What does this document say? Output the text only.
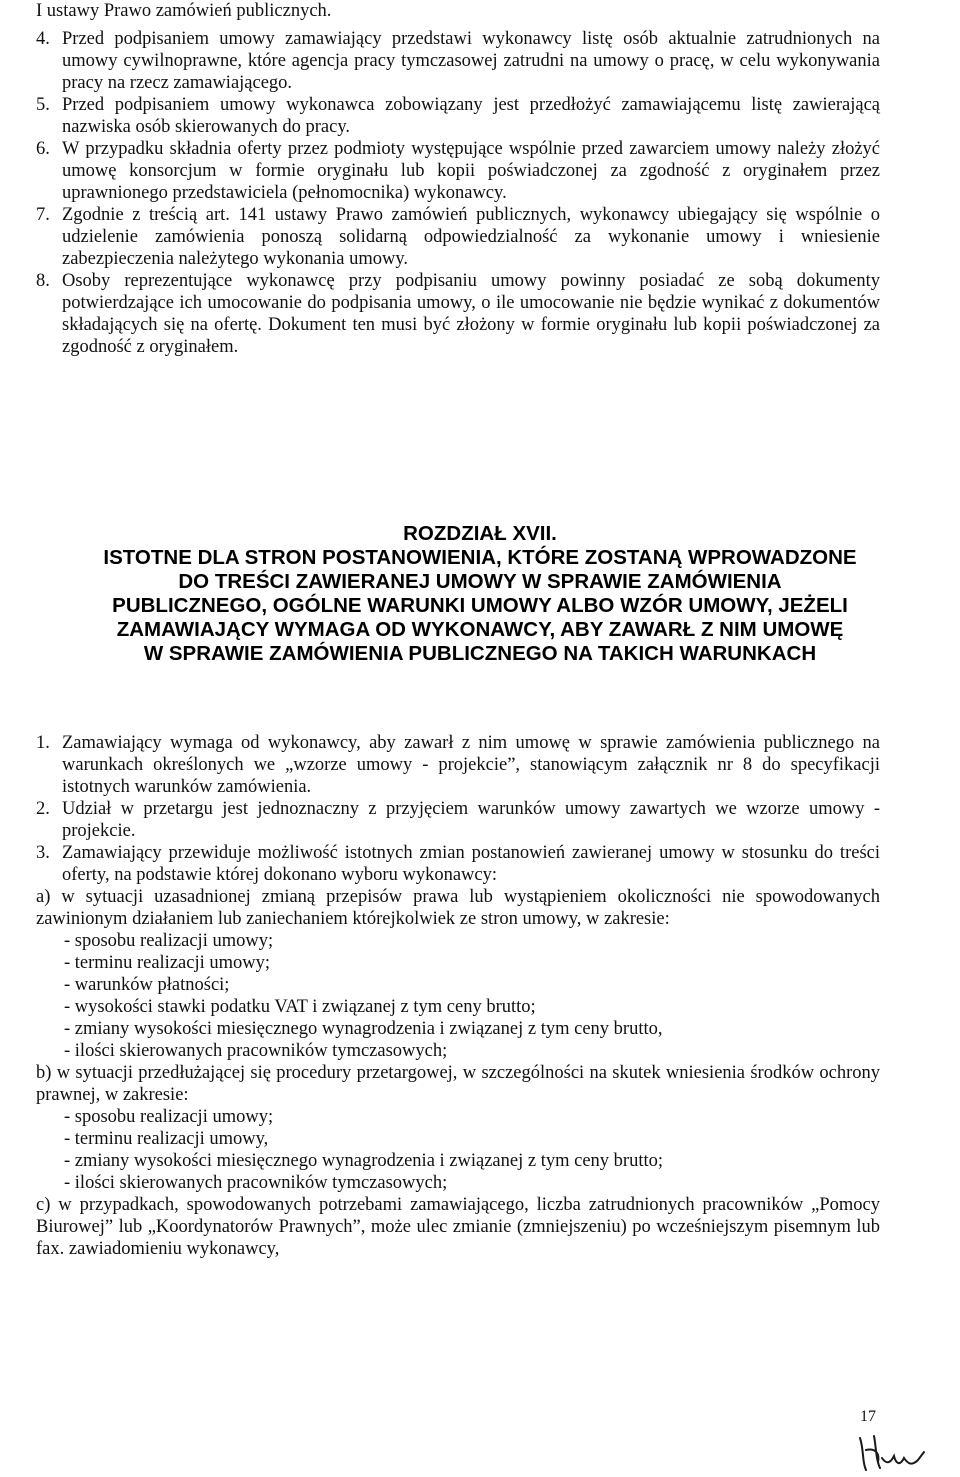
I ustawy Prawo zamówień publicznych.
4. Przed podpisaniem umowy zamawiający przedstawi wykonawcy listę osób aktualnie zatrudnionych na umowy cywilnoprawne, które agencja pracy tymczasowej zatrudni na umowy o pracę, w celu wykonywania pracy na rzecz zamawiającego.
5. Przed podpisaniem umowy wykonawca zobowiązany jest przedłożyć zamawiającemu listę zawierającą nazwiska osób skierowanych do pracy.
6. W przypadku składnia oferty przez podmioty występujące wspólnie przed zawarciem umowy należy złożyć umowę konsorcjum w formie oryginału lub kopii poświadczonej za zgodność z oryginałem przez uprawnionego przedstawiciela (pełnomocnika) wykonawcy.
7. Zgodnie z treścią art. 141 ustawy Prawo zamówień publicznych, wykonawcy ubiegający się wspólnie o udzielenie zamówienia ponoszą solidarną odpowiedzialność za wykonanie umowy i wniesienie zabezpieczenia należytego wykonania umowy.
8. Osoby reprezentujące wykonawcę przy podpisaniu umowy powinny posiadać ze sobą dokumenty potwierdzające ich umocowanie do podpisania umowy, o ile umocowanie nie będzie wynikać z dokumentów składających się na ofertę. Dokument ten musi być złożony w formie oryginału lub kopii poświadczonej za zgodność z oryginałem.
ROZDZIAŁ XVII.
ISTOTNE DLA STRON POSTANOWIENIA, KTÓRE ZOSTANĄ WPROWADZONE
DO TREŚCI ZAWIERANEJ UMOWY W SPRAWIE ZAMÓWIENIA
PUBLICZNEGO, OGÓLNE WARUNKI UMOWY ALBO WZÓR UMOWY, JEŻELI
ZAMAWIAJĄCY WYMAGA OD WYKONAWCY, ABY ZAWARŁ Z NIM UMOWĘ
W SPRAWIE ZAMÓWIENIA PUBLICZNEGO NA TAKICH WARUNKACH
1. Zamawiający wymaga od wykonawcy, aby zawarł z nim umowę w sprawie zamówienia publicznego na warunkach określonych we „wzorze umowy - projekcie”, stanowiącym załącznik nr 8 do specyfikacji istotnych warunków zamówienia.
2. Udział w przetargu jest jednoznaczny z przyjęciem warunków umowy zawartych we wzorze umowy - projekcie.
3. Zamawiający przewiduje możliwość istotnych zmian postanowień zawieranej umowy w stosunku do treści oferty, na podstawie której dokonano wyboru wykonawcy:
a) w sytuacji uzasadnionej zmianą przepisów prawa lub wystąpieniem okoliczności nie spowodowanych zawinionym działaniem lub zaniechaniem którejkolwiek ze stron umowy, w zakresie:
- sposobu realizacji umowy;
- terminu realizacji umowy;
- warunków płatności;
- wysokości stawki podatku VAT i związanej z tym ceny brutto;
- zmiany wysokości miesięcznego wynagrodzenia i związanej z tym ceny brutto,
- ilości skierowanych pracowników tymczasowych;
b) w sytuacji przedłużającej się procedury przetargowej, w szczególności na skutek wniesienia środków ochrony prawnej, w zakresie:
- sposobu realizacji umowy;
- terminu realizacji umowy,
- zmiany wysokości miesięcznego wynagrodzenia i związanej z tym ceny brutto;
- ilości skierowanych pracowników tymczasowych;
c) w przypadkach, spowodowanych potrzebami zamawiającego, liczba zatrudnionych pracowników „Pomocy Biurowej” lub „Koordynatorów Prawnych”, może ulec zmianie (zmniejszeniu) po wcześniejszym pisemnym lub fax. zawiadomieniu wykonawcy,
17
